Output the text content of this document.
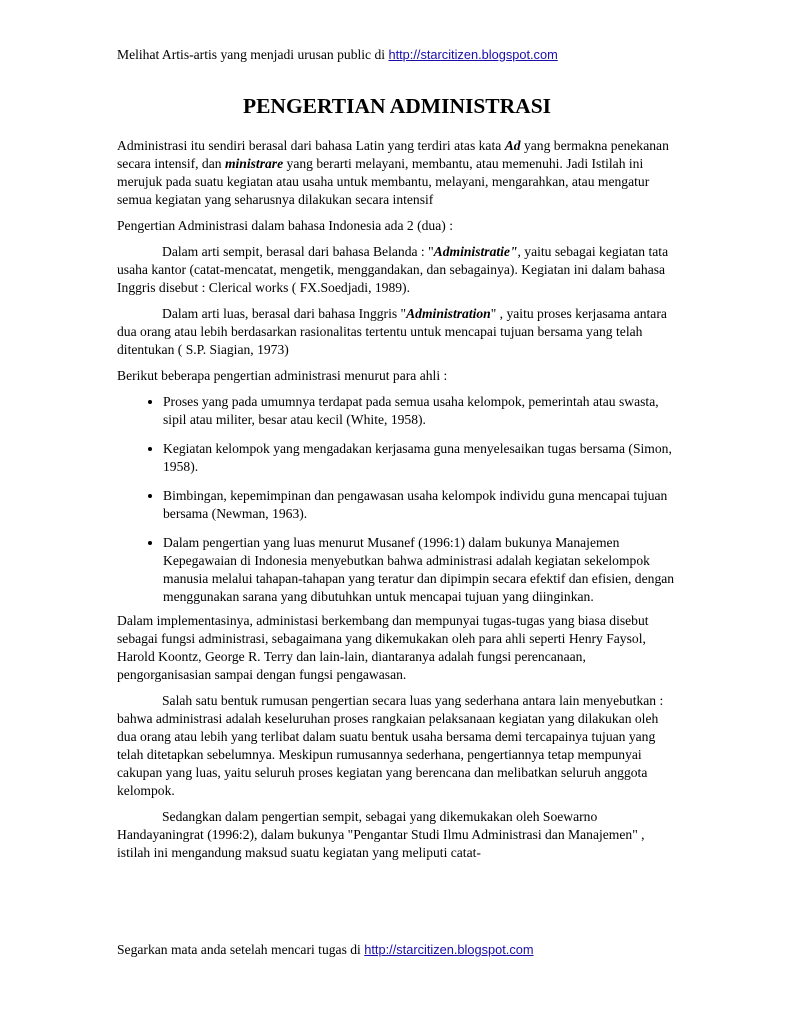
Melihat Artis-artis yang menjadi urusan public di http://starcitizen.blogspot.com
PENGERTIAN ADMINISTRASI

Administrasi itu sendiri berasal dari bahasa Latin yang terdiri atas kata Ad yang bermakna penekanan secara intensif, dan ministrare yang berarti melayani, membantu, atau memenuhi. Jadi Istilah ini merujuk pada suatu kegiatan atau usaha untuk membantu, melayani, mengarahkan, atau mengatur semua kegiatan yang seharusnya dilakukan secara intensif

Pengertian Administrasi dalam bahasa Indonesia ada 2 (dua) :

Dalam arti sempit, berasal dari bahasa Belanda : "Administratie", yaitu sebagai kegiatan tata usaha kantor (catat-mencatat, mengetik, menggandakan, dan sebagainya). Kegiatan ini dalam bahasa Inggris disebut : Clerical works ( FX.Soedjadi, 1989).

Dalam arti luas, berasal dari bahasa Inggris "Administration" , yaitu proses kerjasama antara dua orang atau lebih berdasarkan rasionalitas tertentu untuk mencapai tujuan bersama yang telah ditentukan ( S.P. Siagian, 1973)

Berikut beberapa pengertian administrasi menurut para ahli :

• Proses yang pada umumnya terdapat pada semua usaha kelompok, pemerintah atau swasta, sipil atau militer, besar atau kecil (White, 1958).
• Kegiatan kelompok yang mengadakan kerjasama guna menyelesaikan tugas bersama (Simon, 1958).
• Bimbingan, kepemimpinan dan pengawasan usaha kelompok individu guna mencapai tujuan bersama (Newman, 1963).
• Dalam pengertian yang luas menurut Musanef (1996:1) dalam bukunya Manajemen Kepegawaian di Indonesia menyebutkan bahwa administrasi adalah kegiatan sekelompok manusia melalui tahapan-tahapan yang teratur dan dipimpin secara efektif dan efisien, dengan menggunakan sarana yang dibutuhkan untuk mencapai tujuan yang diinginkan.

Dalam implementasinya, administasi berkembang dan mempunyai tugas-tugas yang biasa disebut sebagai fungsi administrasi, sebagaimana yang dikemukakan oleh para ahli seperti Henry Faysol, Harold Koontz, George R. Terry dan lain-lain, diantaranya adalah fungsi perencanaan, pengorganisasian sampai dengan fungsi pengawasan.

Salah satu bentuk rumusan pengertian secara luas yang sederhana antara lain menyebutkan : bahwa administrasi adalah keseluruhan proses rangkaian pelaksanaan kegiatan yang dilakukan oleh dua orang atau lebih yang terlibat dalam suatu bentuk usaha bersama demi tercapainya tujuan yang telah ditetapkan sebelumnya. Meskipun rumusannya sederhana, pengertiannya tetap mempunyai cakupan yang luas, yaitu seluruh proses kegiatan yang berencana dan melibatkan seluruh anggota kelompok.

Sedangkan dalam pengertian sempit, sebagai yang dikemukakan oleh Soewarno Handayaningrat (1996:2), dalam bukunya "Pengantar Studi Ilmu Administrasi dan Manajemen" , istilah ini mengandung maksud suatu kegiatan yang meliputi catat-

Segarkan mata anda setelah mencari tugas di http://starcitizen.blogspot.com
